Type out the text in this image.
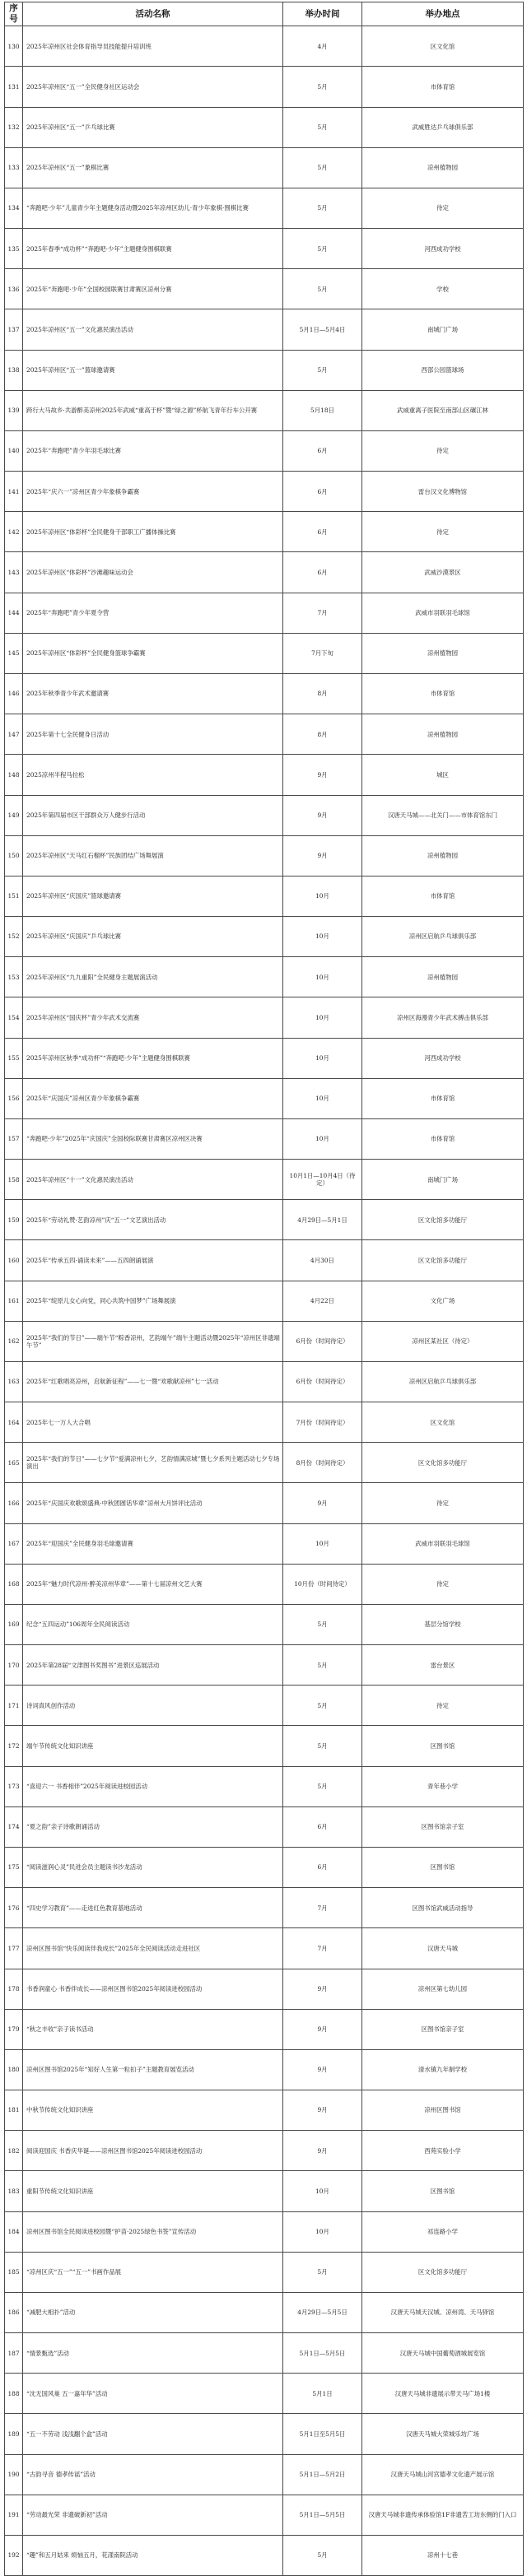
序号	活动名称	举办时间	举办地点
130	2025年凉州区社会体育指导员技能提升培训班	4月	区文化馆
131	2025年凉州区“五一”全民健身社区运动会	5月	市体育馆
132	2025年凉州区“五一”乒乓球比赛	5月	武威胜达乒乓球俱乐部
133	2025年凉州区“五一”象棋比赛	5月	凉州植物园
134	“奔跑吧·少年”儿童青少年主题健身活动暨2025年凉州区幼儿·青少年象棋·围棋比赛	5月	待定
135	2025年春季“成功杯”“奔跑吧·少年”主题健身围棋联赛	5月	河西成功学校
136	2025年“奔跑吧·少年”全国校园联赛甘肃赛区凉州分赛	5月	学校
137	2025年凉州区“五一”文化惠民演出活动	5月1日—5月4日	南城门广场
138	2025年凉州区“五一”篮球邀请赛	5月	西部公园篮球场
139	跨行大马故乡·共游醉美凉州2025年武威“重高于杯”暨“绿之源”杯航飞青年行车公开赛	5月18日	武威重离子医院至南部山区碾江林
140	2025年“奔跑吧”青少年羽毛球比赛	6月	待定
141	2025年“庆六一”凉州区青少年象棋争霸赛	6月	雷台汉文化博物馆
142	2025年凉州区“体彩杯”全民健身干部职工广播体操比赛	6月	待定
143	2025年凉州区“体彩杯”沙滩趣味运动会	6月	武威沙漠景区
144	2025年“奔跑吧”青少年夏令营	7月	武威市羽联羽毛球馆
145	2025年凉州区“体彩杯”全民健身篮球争霸赛	7月下旬	凉州植物园
146	2025年秋季青少年武术邀请赛	8月	市体育馆
147	2025年第十七全民健身日活动	8月	凉州植物园
148	2025凉州半程马拉松	9月	城区
149	2025年第四届市区干部群众万人健步行活动	9月	汉唐天马城——北关门——市体育馆东门
150	2025年凉州区“天马红石榴杯”民族团结广场舞展演	9月	凉州植物园
151	2025年凉州区“庆国庆”篮球邀请赛	10月	市体育馆
152	2025年凉州区“庆国庆”乒乓球比赛	10月	凉州区启航乒乓球俱乐部
153	2025年凉州区“九九重阳”全民健身主题展演活动	10月	凉州植物园
154	2025年凉州区“国庆杯”青少年武术交流赛	10月	凉州区海漫青少年武术搏击俱乐部
155	2025年凉州区秋季“成功杯”“奔跑吧·少年”主题健身围棋联赛	10月	河西成功学校
156	2025年“庆国庆”凉州区青少年象棋争霸赛	10月	市体育馆
157	“奔跑吧·少年”2025年“庆国庆”全国校际联赛甘肃赛区凉州区决赛	10月	市体育馆
158	2025年凉州区“十一”文化惠民演出活动	10月1日—10月4日（待定）	南城门广场
159	2025年“劳动礼赞·艺韵凉州”庆“五一”文艺演出活动	4月29日—5月1日	区文化馆多功能厅
160	2025年“传承五四·诵读未来”——五四朗诵展演	4月30日	区文化馆多功能厅
161	2025年“绽原儿女心向党，同心共筑中国梦”广场舞展演	4月22日	文化广场
162	2025年“我们的节日”——端午节“粽香凉州，艺韵端午”端午主题活动暨2025年“凉州区非遗端午节”	6月份（时间待定）	凉州区某社区（待定）
163	2025年“红歌唱亮凉州，启航新征程”——七一暨“欢歌献凉州”七一活动	6月份（时间待定）	凉州区启航乒乓球俱乐部
164	2025年七一万人大合唱	7月份（时间待定）	区文化馆
165	2025年“我们的节日”——七夕节“爱满凉州七夕，艺韵情满凉城”暨七夕系列主题活动七夕专场演出	8月份（时间待定）	区文化馆多功能厅
166	2025年“庆国庆欢歌颂盛典·中秋团圆话华章”凉州大月饼评比活动	9月	待定
167	2025年“迎国庆”全民健身羽毛球邀请赛	10月	武威市羽联羽毛球馆
168	2025年“魅力时代凉州·醉美凉州华章”——第十七届凉州文艺大赛	10月份（时间待定）	待定
169	纪念“五四运动”106周年全民阅读活动	5月	基层分馆学校
170	2025年第28届“文津图书奖图书”进景区巡展活动	5月	雷台景区
171	诗词真风创作活动	5月	待定
172	端午节传统文化知识讲座	5月	区图书馆
173	“喜迎六一 书香相伴”2025年阅读进校园活动	5月	青年巷小学
174	“夏之韵”亲子诗歌朗诵活动	6月	区图书馆亲子室
175	“阅读滋润心灵”民进会员主题读书沙龙活动	6月	区图书馆
176	“四史学习教育”——走进红色教育基地活动	7月	区图书馆武威活动指导
177	凉州区图书馆“快乐阅读伴我成长”2025年全民阅读活动走进社区	7月	汉唐天马城
178	书香润童心 书香伴成长——凉州区图书馆2025年阅读进校园活动	9月	凉州区第七幼儿园
179	“秋之丰收”亲子读书活动	9月	区图书馆亲子室
180	凉州区图书馆2025年“知好人生第一粒扣子”主题教育展览活动	9月	清水镇九年制学校
181	中秋节传统文化知识讲座	9月	凉州区图书馆
182	阅读迎国庆 书香庆华诞——凉州区图书馆2025年阅读进校园活动	9月	西苑实验小学
183	重阳节传统文化知识讲座	10月	区图书馆
184	凉州区图书馆全民阅读进校园暨“护苗·2025绿色书签”宣传活动	10月	祁连路小学
185	“凉州区庆“五一”“五一”书画作品展	5月	区文化馆多功能厅
186	“减肥大相扑”活动	4月29日—5月5日	汉唐天马城天汉城、凉州湾、天马驿馆
187	“情景甄选”活动	5月1日—5月5日	汉唐天马城中国葡萄酒城展览馆
188	“沈无国风巢 五一嘉年华”活动	5月1日	汉唐天马城非遗展示带天马广场1楼
189	“五一不劳动 浅浅翻个盒”活动	5月1日至5月5日	汉唐天马城大荣城乐坊广场
190	“古韵寻音 德孝传谣”活动	5月1日—5月2日	汉唐天马城山河宫德孝文化遗产展示馆
191	“劳动最光荣 非遗破新初”活动	5月1日—5月5日	汉唐天马城非遗传承体验馆1F非遗苦工坊东侧的门入口
192	“趣”和五月姑来 烦恼五月，花漾南院活动	5月	凉州十七巷
